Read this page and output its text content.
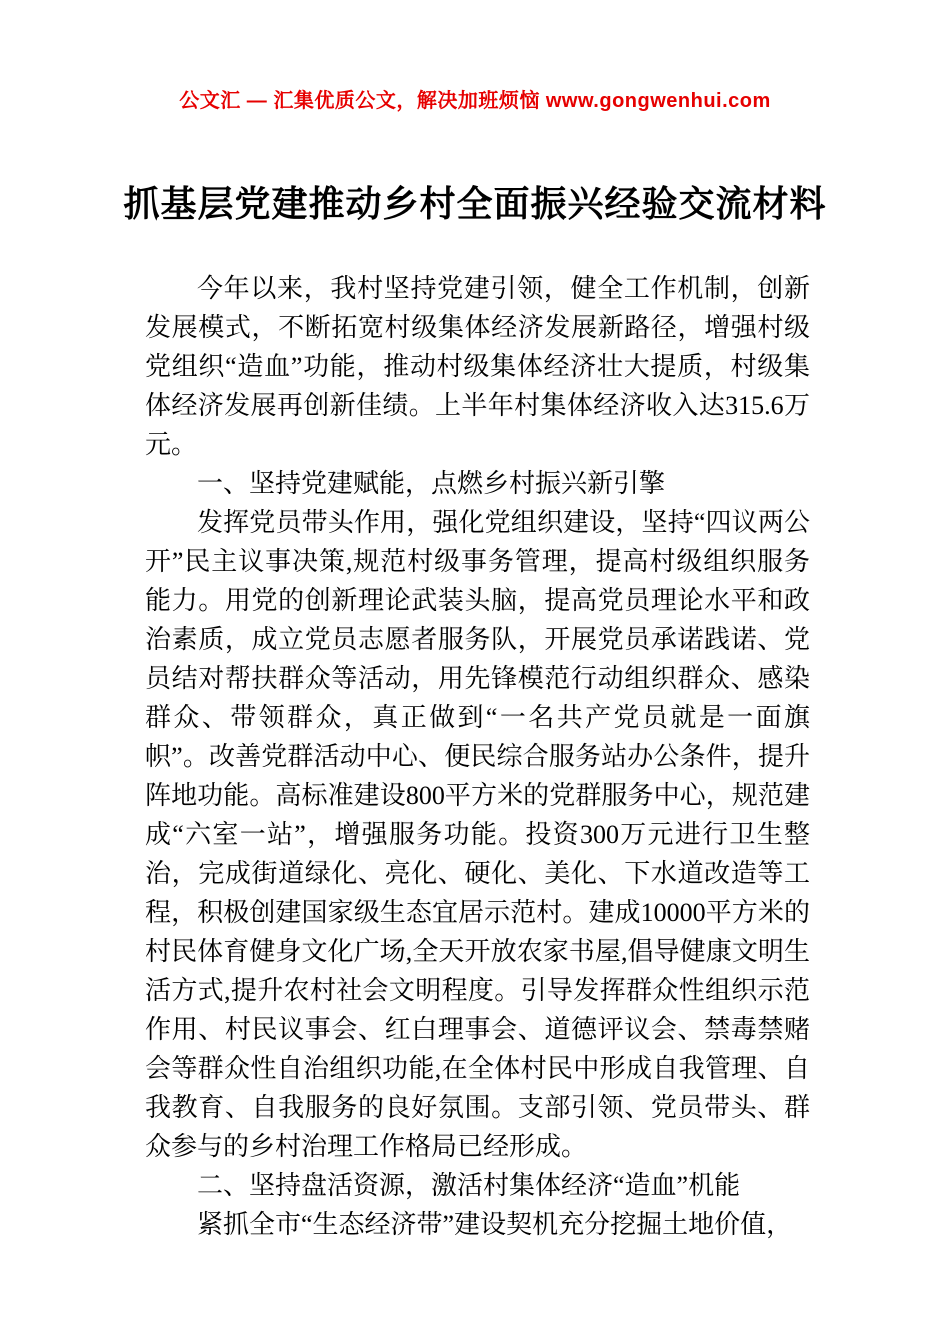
公文汇 — 汇集优质公文，解决加班烦恼 www.gongwenhui.com
抓基层党建推动乡村全面振兴经验交流材料

今年以来，我村坚持党建引领，健全工作机制，创新发展模式，不断拓宽村级集体经济发展新路径，增强村级党组织“造血”功能，推动村级集体经济壮大提质，村级集体经济发展再创新佳绩。上半年村集体经济收入达315.6万元。

一、坚持党建赋能，点燃乡村振兴新引擎

发挥党员带头作用，强化党组织建设，坚持“四议两公开”民主议事决策,规范村级事务管理，提高村级组织服务能力。用党的创新理论武装头脑，提高党员理论水平和政治素质，成立党员志愿者服务队，开展党员承诺践诺、党员结对帮扶群众等活动，用先锋模范行动组织群众、感染群众、带领群众，真正做到“一名共产党员就是一面旗帜”。改善党群活动中心、便民综合服务站办公条件，提升阵地功能。高标准建设800平方米的党群服务中心，规范建成“六室一站”，增强服务功能。投资300万元进行卫生整治，完成街道绿化、亮化、硬化、美化、下水道改造等工程，积极创建国家级生态宜居示范村。建成10000平方米的村民体育健身文化广场,全天开放农家书屋,倡导健康文明生活方式,提升农村社会文明程度。引导发挥群众性组织示范作用、村民议事会、红白理事会、道德评议会、禁毒禁赌会等群众性自治组织功能,在全体村民中形成自我管理、自我教育、自我服务的良好氛围。支部引领、党员带头、群众参与的乡村治理工作格局已经形成。

二、坚持盘活资源，激活村集体经济“造血”机能

紧抓全市“生态经济带”建设契机充分挖掘土地价值，
